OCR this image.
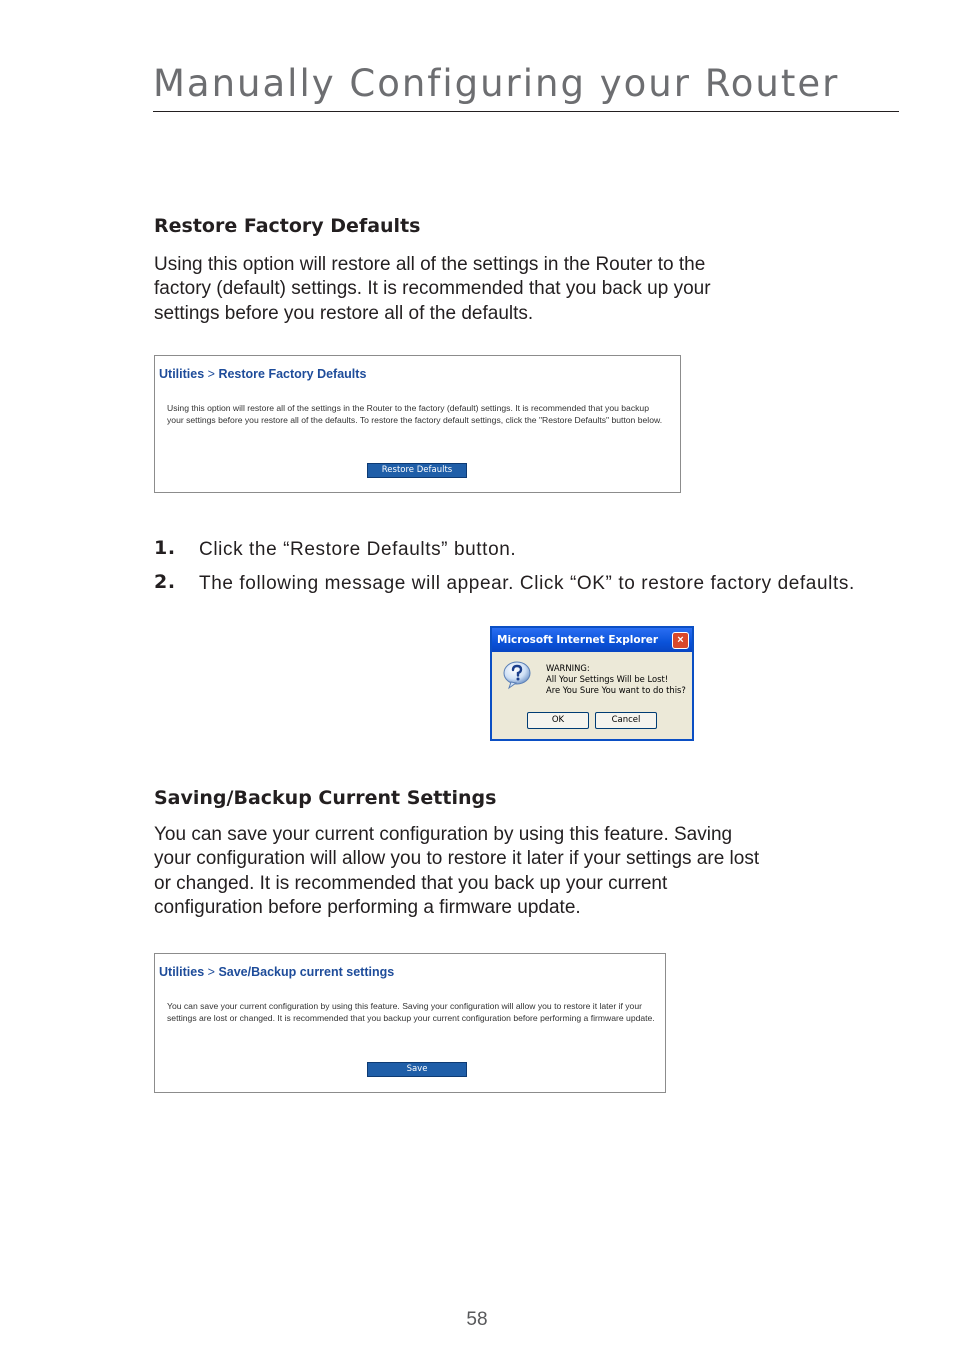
Manually Configuring your Router
Restore Factory Defaults

Using this option will restore all of the settings in the Router to the factory (default) settings. It is recommended that you back up your settings before you restore all of the defaults.

Utilities > Restore Factory Defaults

Using this option will restore all of the settings in the Router to the factory (default) settings. It is recommended that you backup your settings before you restore all of the defaults. To restore the factory default settings, click the "Restore Defaults" button below.

Restore Defaults
1. Click the “Restore Defaults” button.
2. The following message will appear. Click “OK” to restore factory defaults.
Microsoft Internet Explorer	×
WARNING:
All Your Settings Will be Lost!
Are You Sure You want to do this?
OK	Cancel
Saving/Backup Current Settings

You can save your current configuration by using this feature. Saving your configuration will allow you to restore it later if your settings are lost or changed. It is recommended that you back up your current configuration before performing a firmware update.

Utilities > Save/Backup current settings

You can save your current configuration by using this feature. Saving your configuration will allow you to restore it later if your settings are lost or changed. It is recommended that you backup your current configuration before performing a firmware update.

Save
58
